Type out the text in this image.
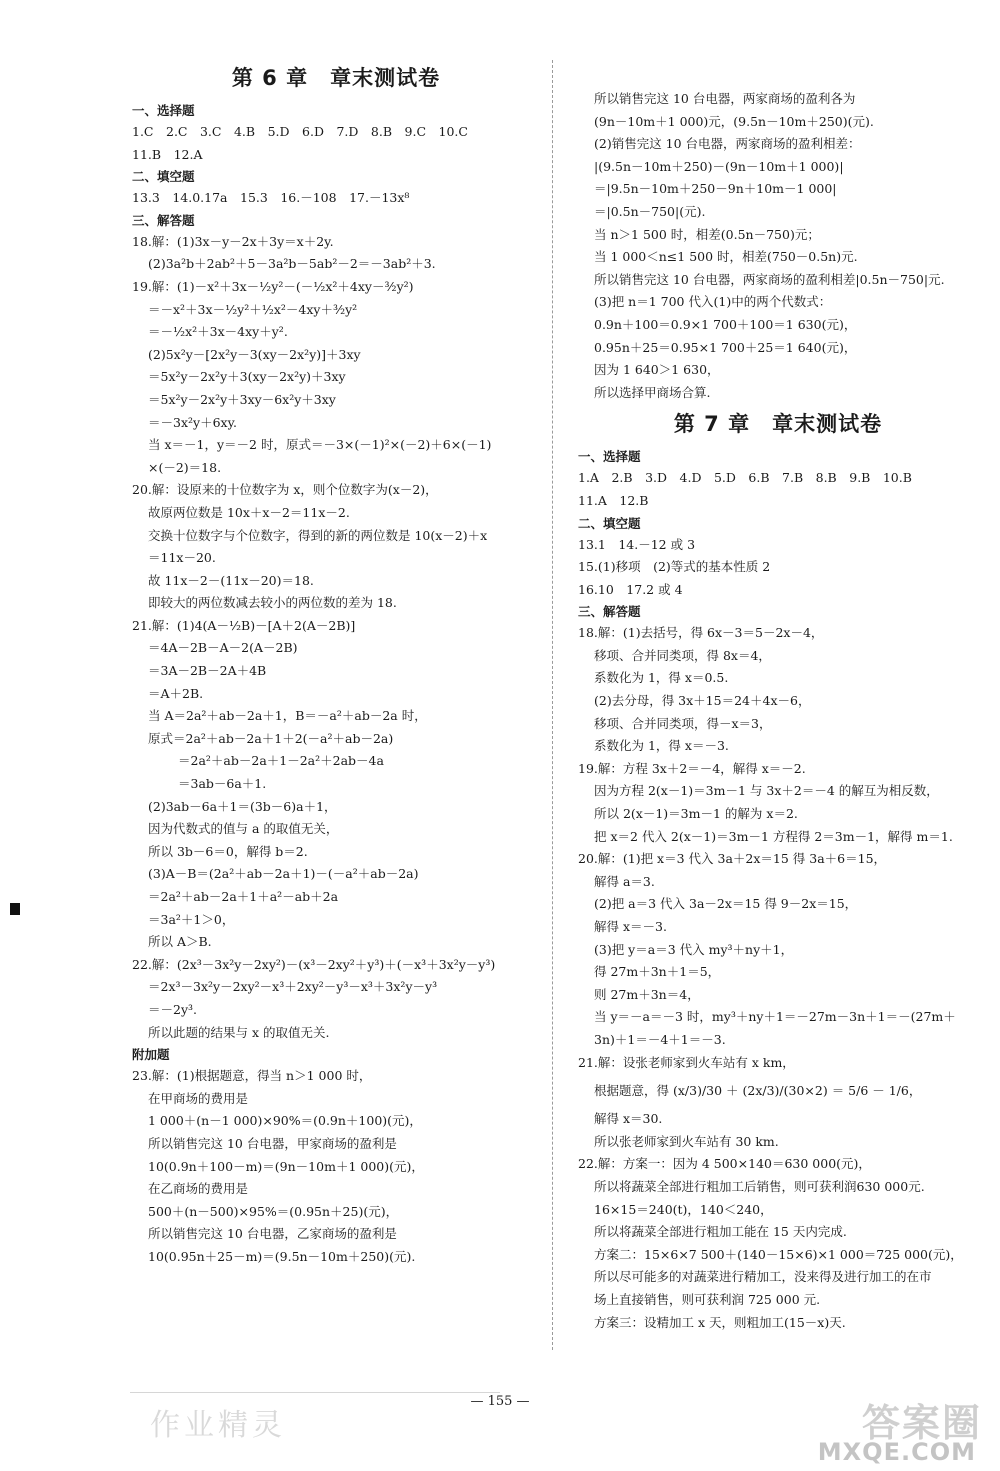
第 6 章　章末测试卷
一、选择题
1.C　2.C　3.C　4.B　5.D　6.D　7.D　8.B　9.C　10.C
11.B　12.A
二、填空题
13.3　14.0.17a　15.3　16.－108　17.－13x⁸
三、解答题
18.解：(1)3x－y－2x＋3y＝x＋2y.
(2)3a²b＋2ab²＋5－3a²b－5ab²－2＝－3ab²＋3.
19.解：(1)－x²＋3x－½y²－(－½x²＋4xy－³⁄₂y²)
＝－x²＋3x－½y²＋½x²－4xy＋³⁄₂y²
＝－½x²＋3x－4xy＋y².
(2)5x²y－[2x²y－3(xy－2x²y)]＋3xy
＝5x²y－2x²y＋3(xy－2x²y)＋3xy
＝5x²y－2x²y＋3xy－6x²y＋3xy
＝－3x²y＋6xy.
当 x＝－1，y＝－2 时，原式＝－3×(－1)²×(－2)＋6×(－1)
×(－2)＝18.
20.解：设原来的十位数字为 x，则个位数字为(x－2)，
故原两位数是 10x＋x－2＝11x－2.
交换十位数字与个位数字，得到的新的两位数是 10(x－2)＋x
＝11x－20.
故 11x－2－(11x－20)＝18.
即较大的两位数减去较小的两位数的差为 18.
21.解：(1)4(A－½B)－[A＋2(A－2B)]
＝4A－2B－A－2(A－2B)
＝3A－2B－2A＋4B
＝A＋2B.
当 A＝2a²＋ab－2a＋1，B＝－a²＋ab－2a 时，
原式＝2a²＋ab－2a＋1＋2(－a²＋ab－2a)
＝2a²＋ab－2a＋1－2a²＋2ab－4a
＝3ab－6a＋1.
(2)3ab－6a＋1＝(3b－6)a＋1，
因为代数式的值与 a 的取值无关，
所以 3b－6＝0，解得 b＝2.
(3)A－B＝(2a²＋ab－2a＋1)－(－a²＋ab－2a)
＝2a²＋ab－2a＋1＋a²－ab＋2a
＝3a²＋1＞0，
所以 A＞B.
22.解：(2x³－3x²y－2xy²)－(x³－2xy²＋y³)＋(－x³＋3x²y－y³)
＝2x³－3x²y－2xy²－x³＋2xy²－y³－x³＋3x²y－y³
＝－2y³.
所以此题的结果与 x 的取值无关.
附加题
23.解：(1)根据题意，得当 n＞1 000 时，
在甲商场的费用是
1 000＋(n－1 000)×90%＝(0.9n＋100)(元)，
所以销售完这 10 台电器，甲家商场的盈利是
10(0.9n＋100－m)＝(9n－10m＋1 000)(元)，
在乙商场的费用是
500＋(n－500)×95%＝(0.95n＋25)(元)，
所以销售完这 10 台电器，乙家商场的盈利是
10(0.95n＋25－m)＝(9.5n－10m＋250)(元).
所以销售完这 10 台电器，两家商场的盈利各为
(9n－10m＋1 000)元，(9.5n－10m＋250)(元).
(2)销售完这 10 台电器，两家商场的盈利相差：
|(9.5n－10m＋250)－(9n－10m＋1 000)|
＝|9.5n－10m＋250－9n＋10m－1 000|
＝|0.5n－750|(元).
当 n＞1 500 时，相差(0.5n－750)元；
当 1 000＜n≤1 500 时，相差(750－0.5n)元.
所以销售完这 10 台电器，两家商场的盈利相差|0.5n－750|元.
(3)把 n＝1 700 代入(1)中的两个代数式：
0.9n＋100＝0.9×1 700＋100＝1 630(元)，
0.95n＋25＝0.95×1 700＋25＝1 640(元)，
因为 1 640＞1 630，
所以选择甲商场合算.
第 7 章　章末测试卷
一、选择题
1.A　2.B　3.D　4.D　5.D　6.B　7.B　8.B　9.B　10.B
11.A　12.B
二、填空题
13.1　14.－12 或 3
15.(1)移项　(2)等式的基本性质 2
16.10　17.2 或 4
三、解答题
18.解：(1)去括号，得 6x－3＝5－2x－4，
移项、合并同类项，得 8x＝4，
系数化为 1，得 x＝0.5.
(2)去分母，得 3x＋15＝24＋4x－6，
移项、合并同类项，得－x＝3，
系数化为 1，得 x＝－3.
19.解：方程 3x＋2＝－4，解得 x＝－2.
因为方程 2(x－1)＝3m－1 与 3x＋2＝－4 的解互为相反数，
所以 2(x－1)＝3m－1 的解为 x＝2.
把 x＝2 代入 2(x－1)＝3m－1 方程得 2＝3m－1，解得 m＝1.
20.解：(1)把 x＝3 代入 3a＋2x＝15 得 3a＋6＝15，
解得 a＝3.
(2)把 a＝3 代入 3a－2x＝15 得 9－2x＝15，
解得 x＝－3.
(3)把 y＝a＝3 代入 my³＋ny＋1，
得 27m＋3n＋1＝5，
则 27m＋3n＝4，
当 y＝－a＝－3 时，my³＋ny＋1＝－27m－3n＋1＝－(27m＋
3n)＋1＝－4＋1＝－3.
21.解：设张老师家到火车站有 x km，
根据题意，得 (x/3)/30 ＋ (2x/3)/(30×2) ＝ 5/6 － 1/6，
解得 x＝30.
所以张老师家到火车站有 30 km.
22.解：方案一：因为 4 500×140＝630 000(元)，
所以将蔬菜全部进行粗加工后销售，则可获利润630 000元.
16×15＝240(t)，140＜240，
所以将蔬菜全部进行粗加工能在 15 天内完成.
方案二：15×6×7 500＋(140－15×6)×1 000＝725 000(元)，
所以尽可能多的对蔬菜进行精加工，没来得及进行加工的在市
场上直接销售，则可获利润 725 000 元.
方案三：设精加工 x 天，则粗加工(15－x)天.
— 155 —
作业精灵	答案圈
MXQE.COM
